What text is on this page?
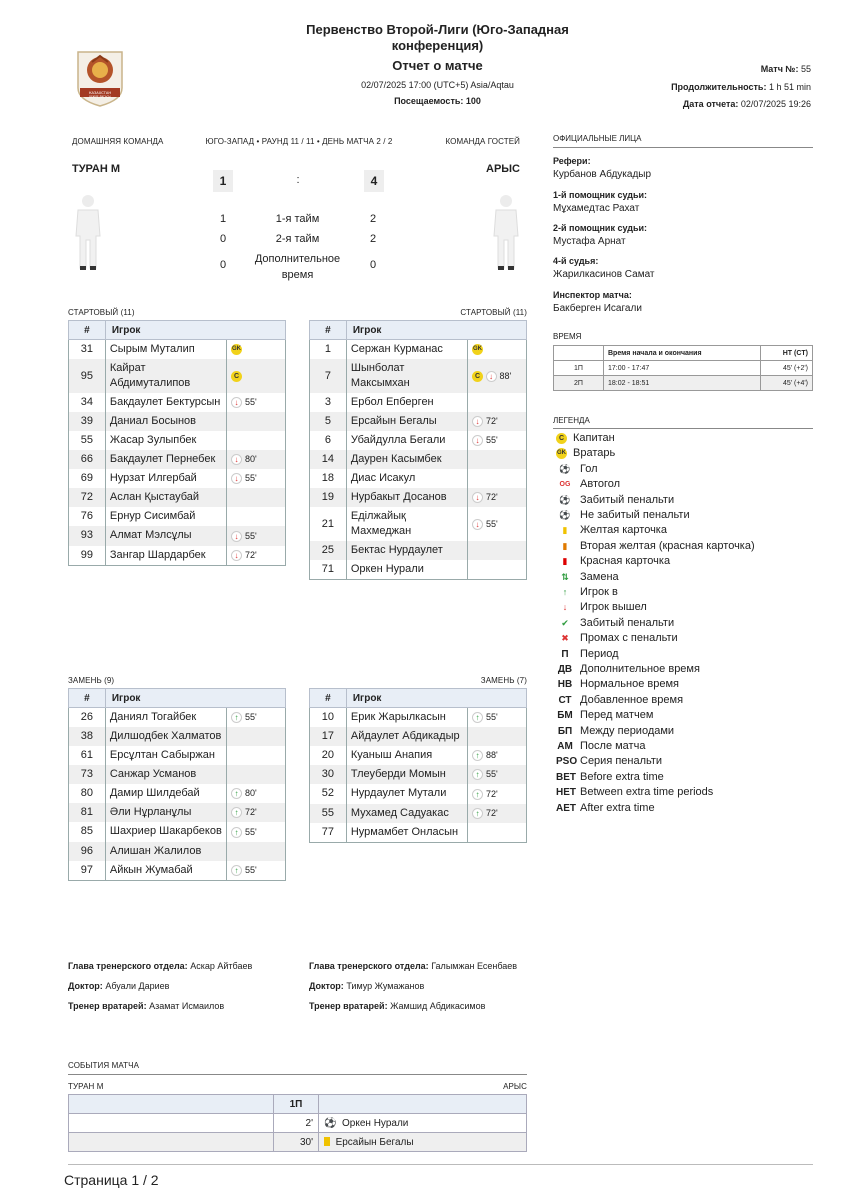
КАЗАХСТАН
БЕКІРЕ ЛИГАСЫ
Первенство Второй-Лиги (Юго-Западная конференция)
Отчет о матче
02/07/2025 17:00 (UTC+5) Asia/Aqtau
Посещаемость: 100
Матч №: 55
Продолжительность: 1 h 51 min
Дата отчета: 02/07/2025 19:26
ДОМАШНЯЯ КОМАНДА	ЮГО-ЗАПАД • РАУНД 11 / 11 • ДЕНЬ МАТЧА 2 / 2	КОМАНДА ГОСТЕЙ
ТУРАН М	АРЫС
1	:	4
1	1-я тайм	2
0	2-я тайм	2
0	Дополнительное время
0
СТАРТОВЫЙ (11)	СТАРТОВЫЙ (11)
ЗАМЕНЬ (9)	ЗАМЕНЬ (7)
#	Игрок	
31	Сырым Муталип	GK
95	Кайрат Абдимуталипов	C
34	Бакдаулет Бектурсын	↓ 55'
39	Даниал Босынов	
55	Жасар Зулыпбек	
66	Бакдаулет Пернебек	↓ 80'
69	Нурзат Илгербай	↓ 55'
72	Аслан Қыстаубай	
76	Ернур Сисимбай	
93	Алмат Мэлсұлы	↓ 55'
99	Зангар Шардарбек	↓ 72'
#	Игрок	
1	Сержан Курманас	GK
7	Шынболат Максымхан	C ↓ 88'
3	Ербол Епберген	
5	Ерсайын Бегалы	↓ 72'
6	Убайдулла Бегали	↓ 55'
14	Даурен Касымбек	
18	Диас Исакул	
19	Нурбакыт Досанов	↓ 72'
21	Еділжайық Махмеджан	↓ 55'
25	Бектас Нурдаулет	
71	Оркен Нурали	
#	Игрок	
26	Даниял Тогайбек	↑ 55'
38	Дилшодбек Халматов	
61	Ерсұлтан Сабыржан	
73	Санжар Усманов	
80	Дамир Шилдебай	↑ 80'
81	Әли Нұрланұлы	↑ 72'
85	Шахриер Шакарбеков	↑ 55'
96	Алишан Жалилов	
97	Айкын Жумабай	↑ 55'
#	Игрок	
10	Ерик Жарылкасын	↑ 55'
17	Айдаулет Абдикадыр	
20	Куаныш Анапия	↑ 88'
30	Тлеуберди Момын	↑ 55'
52	Нурдаулет Мутали	↑ 72'
55	Мухамед Садуакас	↑ 72'
77	Нурмамбет Онласын	
Глава тренерского отдела: Аскар Айтбаев
Доктор: Абуали Дариев
Тренер вратарей: Азамат Исмаилов
Глава тренерского отдела: Галымжан Есенбаев
Доктор: Тимур Жумажанов
Тренер вратарей: Жамшид Абдикасимов
ОФИЦИАЛЬНЫЕ ЛИЦА
Рефери:
Курбанов Абдукадыр
1-й помощник судьи:
Мұхамедтас Рахат
2-й помощник судьи:
Мустафа Арнат
4-й судья:
Жарилкасинов Самат
Инспектор матча:
Бакберген Исагали
ВРЕМЯ
	Время начала и окончания	HT (CT)
1П	17:00 - 17:47	45' (+2')
2П	18:02 - 18:51	45' (+4')
ЛЕГЕНДА
C Капитан
GK Вратарь
⚽ Гол
OG Автогол
⚽ Забитый пенальти
⚽ Не забитый пенальти
▮ Желтая карточка
▮ Вторая желтая (красная карточка)
▮ Красная карточка
⇅ Замена
↑ Игрок в
↓ Игрок вышел
✔ Забитый пенальти
✖ Промах с пенальти
П Период
ДВ Дополнительное время
НВ Нормальное время
СТ Добавленное время
БМ Перед матчем
БП Между периодами
АМ После матча
PSO Серия пенальти
BET Before extra time
HET Between extra time periods
AET After extra time
СОБЫТИЯ МАТЧА
ТУРАН М	АРЫС
	1П	
	2'	⚽ Оркен Нурали
	30'	Ерсайын Бегалы
Страница 1 / 2
